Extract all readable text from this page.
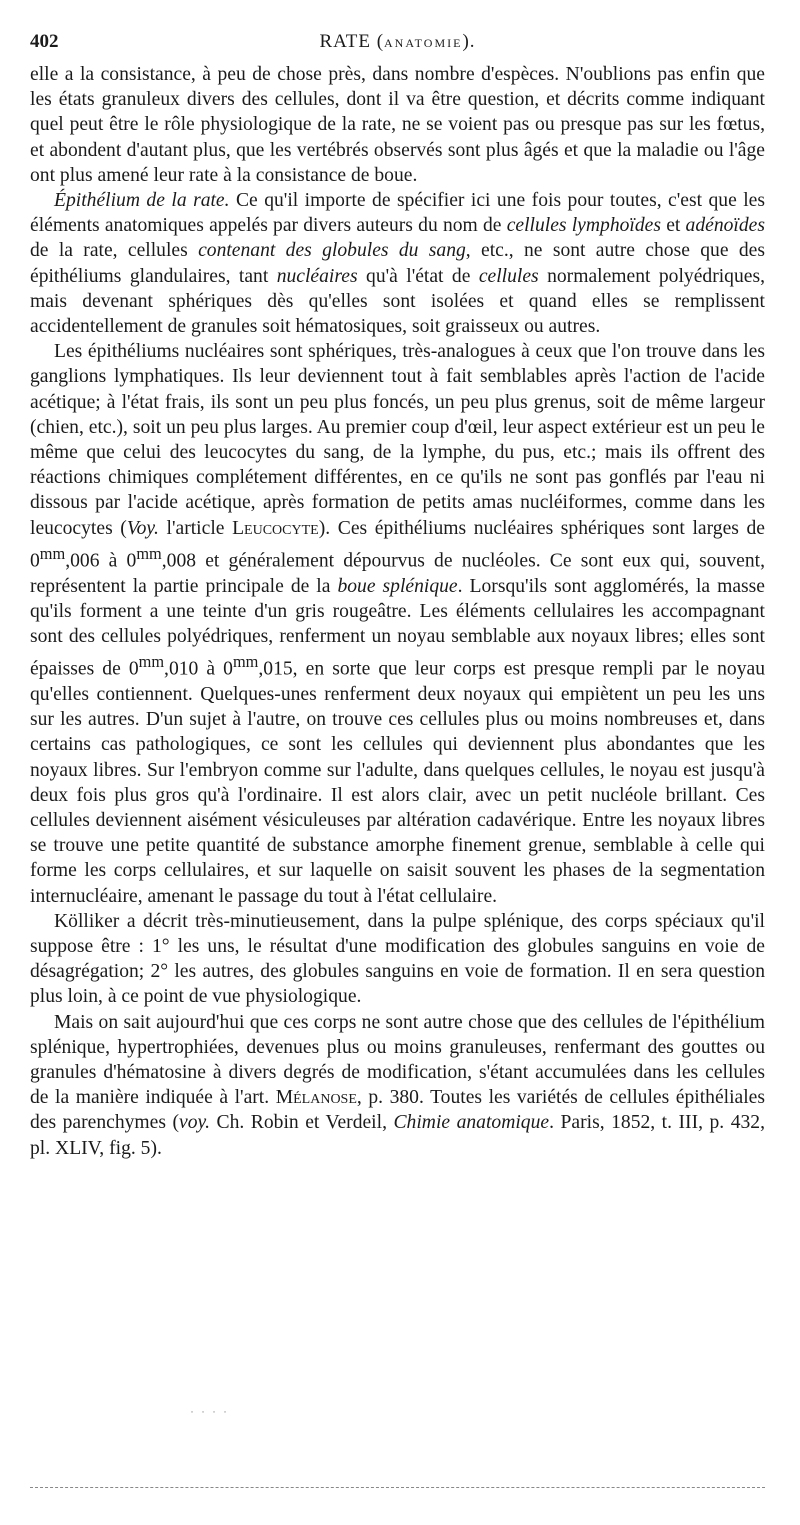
402	RATE (ANATOMIE).

elle a la consistance, à peu de chose près, dans nombre d'espèces. N'oublions pas enfin que les états granuleux divers des cellules, dont il va être question, et décrits comme indiquant quel peut être le rôle physiologique de la rate, ne se voient pas ou presque pas sur les fœtus, et abondent d'autant plus, que les vertébrés observés sont plus âgés et que la maladie ou l'âge ont plus amené leur rate à la consistance de boue.

Épithélium de la rate. Ce qu'il importe de spécifier ici une fois pour toutes, c'est que les éléments anatomiques appelés par divers auteurs du nom de cellules lymphoïdes et adénoïdes de la rate, cellules contenant des globules du sang, etc., ne sont autre chose que des épithéliums glandulaires, tant nucléaires qu'à l'état de cellules normalement polyédriques, mais devenant sphériques dès qu'elles sont isolées et quand elles se remplissent accidentellement de granules soit hématosiques, soit graisseux ou autres.

Les épithéliums nucléaires sont sphériques, très-analogues à ceux que l'on trouve dans les ganglions lymphatiques. Ils leur deviennent tout à fait semblables après l'action de l'acide acétique; à l'état frais, ils sont un peu plus foncés, un peu plus grenus, soit de même largeur (chien, etc.), soit un peu plus larges. Au premier coup d'œil, leur aspect extérieur est un peu le même que celui des leucocytes du sang, de la lymphe, du pus, etc.; mais ils offrent des réactions chimiques complétement différentes, en ce qu'ils ne sont pas gonflés par l'eau ni dissous par l'acide acétique, après formation de petits amas nucléiformes, comme dans les leucocytes (Voy. l'article Leucocyte). Ces épithéliums nucléaires sphériques sont larges de $0^{mm},006$ à $0^{mm},008$ et généralement dépourvus de nucléoles. Ce sont eux qui, souvent, représentent la partie principale de la boue splénique. Lorsqu'ils sont agglomérés, la masse qu'ils forment a une teinte d'un gris rougeâtre. Les éléments cellulaires les accompagnant sont des cellules polyédriques, renferment un noyau semblable aux noyaux libres; elles sont épaisses de $0^{mm},010$ à $0^{mm},015$, en sorte que leur corps est presque rempli par le noyau qu'elles contiennent. Quelques-unes renferment deux noyaux qui empiètent un peu les uns sur les autres. D'un sujet à l'autre, on trouve ces cellules plus ou moins nombreuses et, dans certains cas pathologiques, ce sont les cellules qui deviennent plus abondantes que les noyaux libres. Sur l'embryon comme sur l'adulte, dans quelques cellules, le noyau est jusqu'à deux fois plus gros qu'à l'ordinaire. Il est alors clair, avec un petit nucléole brillant. Ces cellules deviennent aisément vésiculeuses par altération cadavérique. Entre les noyaux libres se trouve une petite quantité de substance amorphe finement grenue, semblable à celle qui forme les corps cellulaires, et sur laquelle on saisit souvent les phases de la segmentation internucléaire, amenant le passage du tout à l'état cellulaire.

Kölliker a décrit très-minutieusement, dans la pulpe splénique, des corps spéciaux qu'il suppose être : 1° les uns, le résultat d'une modification des globules sanguins en voie de désagrégation; 2° les autres, des globules sanguins en voie de formation. Il en sera question plus loin, à ce point de vue physiologique.

Mais on sait aujourd'hui que ces corps ne sont autre chose que des cellules de l'épithélium splénique, hypertrophiées, devenues plus ou moins granuleuses, renfermant des gouttes ou granules d'hématosine à divers degrés de modification, s'étant accumulées dans les cellules de la manière indiquée à l'art. Mélanose, p. 380. Toutes les variétés de cellules épithéliales des parenchymes (voy. Ch. Robin et Verdeil, Chimie anatomique. Paris, 1852, t. III, p. 432, pl. XLIV, fig. 5).

˙ ˙ ˙ ˙
